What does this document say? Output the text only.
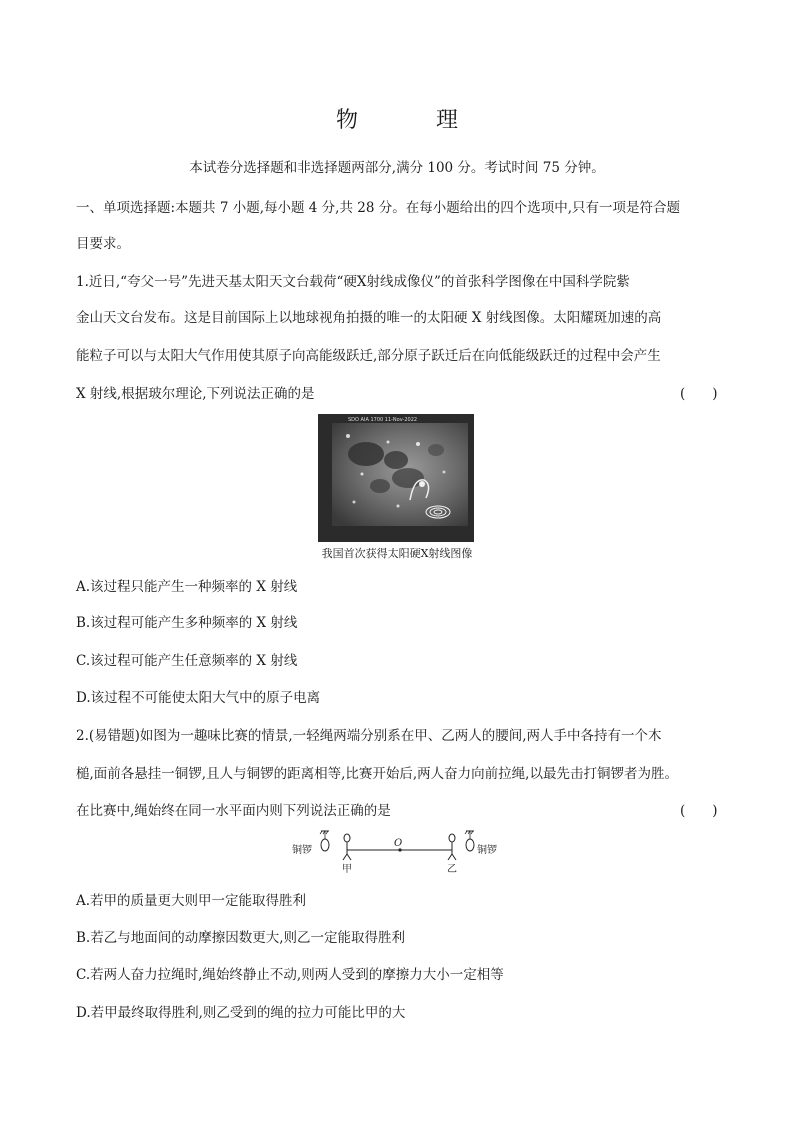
物　理
本试卷分选择题和非选择题两部分,满分 100 分。考试时间 75 分钟。
一、单项选择题:本题共 7 小题,每小题 4 分,共 28 分。在每小题给出的四个选项中,只有一项是符合题
目要求。
1.近日,“夸父一号”先进天基太阳天文台载荷“硬X射线成像仪”的首张科学图像在中国科学院紫
金山天文台发布。这是目前国际上以地球视角拍摄的唯一的太阳硬 X 射线图像。太阳耀斑加速的高
能粒子可以与太阳大气作用使其原子向高能级跃迁,部分原子跃迁后在向低能级跃迁的过程中会产生
X 射线,根据玻尔理论,下列说法正确的是	(　　)
SDO AIA 1700 11-Nov-2022
我国首次获得太阳硬X射线图像
A.该过程只能产生一种频率的 X 射线
B.该过程可能产生多种频率的 X 射线
C.该过程可能产生任意频率的 X 射线
D.该过程不可能使太阳大气中的原子电离
2.(易错题)如图为一趣味比赛的情景,一轻绳两端分别系在甲、乙两人的腰间,两人手中各持有一个木
槌,面前各悬挂一铜锣,且人与铜锣的距离相等,比赛开始后,两人奋力向前拉绳,以最先击打铜锣者为胜。
在比赛中,绳始终在同一水平面内则下列说法正确的是	(　　)
铜锣
甲
O
乙
铜锣
A.若甲的质量更大则甲一定能取得胜利
B.若乙与地面间的动摩擦因数更大,则乙一定能取得胜利
C.若两人奋力拉绳时,绳始终静止不动,则两人受到的摩擦力大小一定相等
D.若甲最终取得胜利,则乙受到的绳的拉力可能比甲的大
